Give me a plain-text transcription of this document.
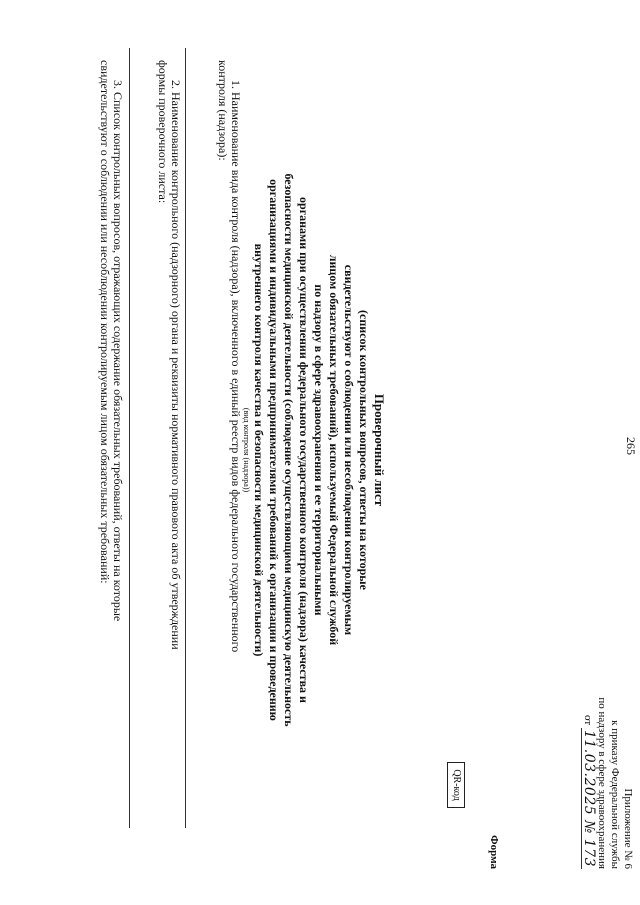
265
Приложение № 6
к приказу Федеральной службы
по надзору в сфере здравоохранения
от 11.03.2025 № 173
Форма
QR-код
Проверочный лист
(список контрольных вопросов, ответы на которые
свидетельствуют о соблюдении или несоблюдении контролируемым
лицом обязательных требований), используемый Федеральной службой
по надзору в сфере здравоохранения и ее территориальными
органами при осуществлении федерального государственного контроля (надзора) качества и
безопасности медицинской деятельности (соблюдение осуществляющими медицинскую деятельность
организациями и индивидуальными предпринимателями требований к организации и проведению
внутреннего контроля качества и безопасности медицинской деятельности)
(вид контроля (надзора))
1. Наименование вида контроля (надзора), включенного в единый реестр видов федерального государственного
контроля (надзора):
2. Наименование контрольного (надзорного) органа и реквизиты нормативного правового акта об утверждении
формы проверочного листа:
3. Список контрольных вопросов, отражающих содержание обязательных требований, ответы на которые
свидетельствуют о соблюдении или несоблюдении контролируемым лицом обязательных требований:
